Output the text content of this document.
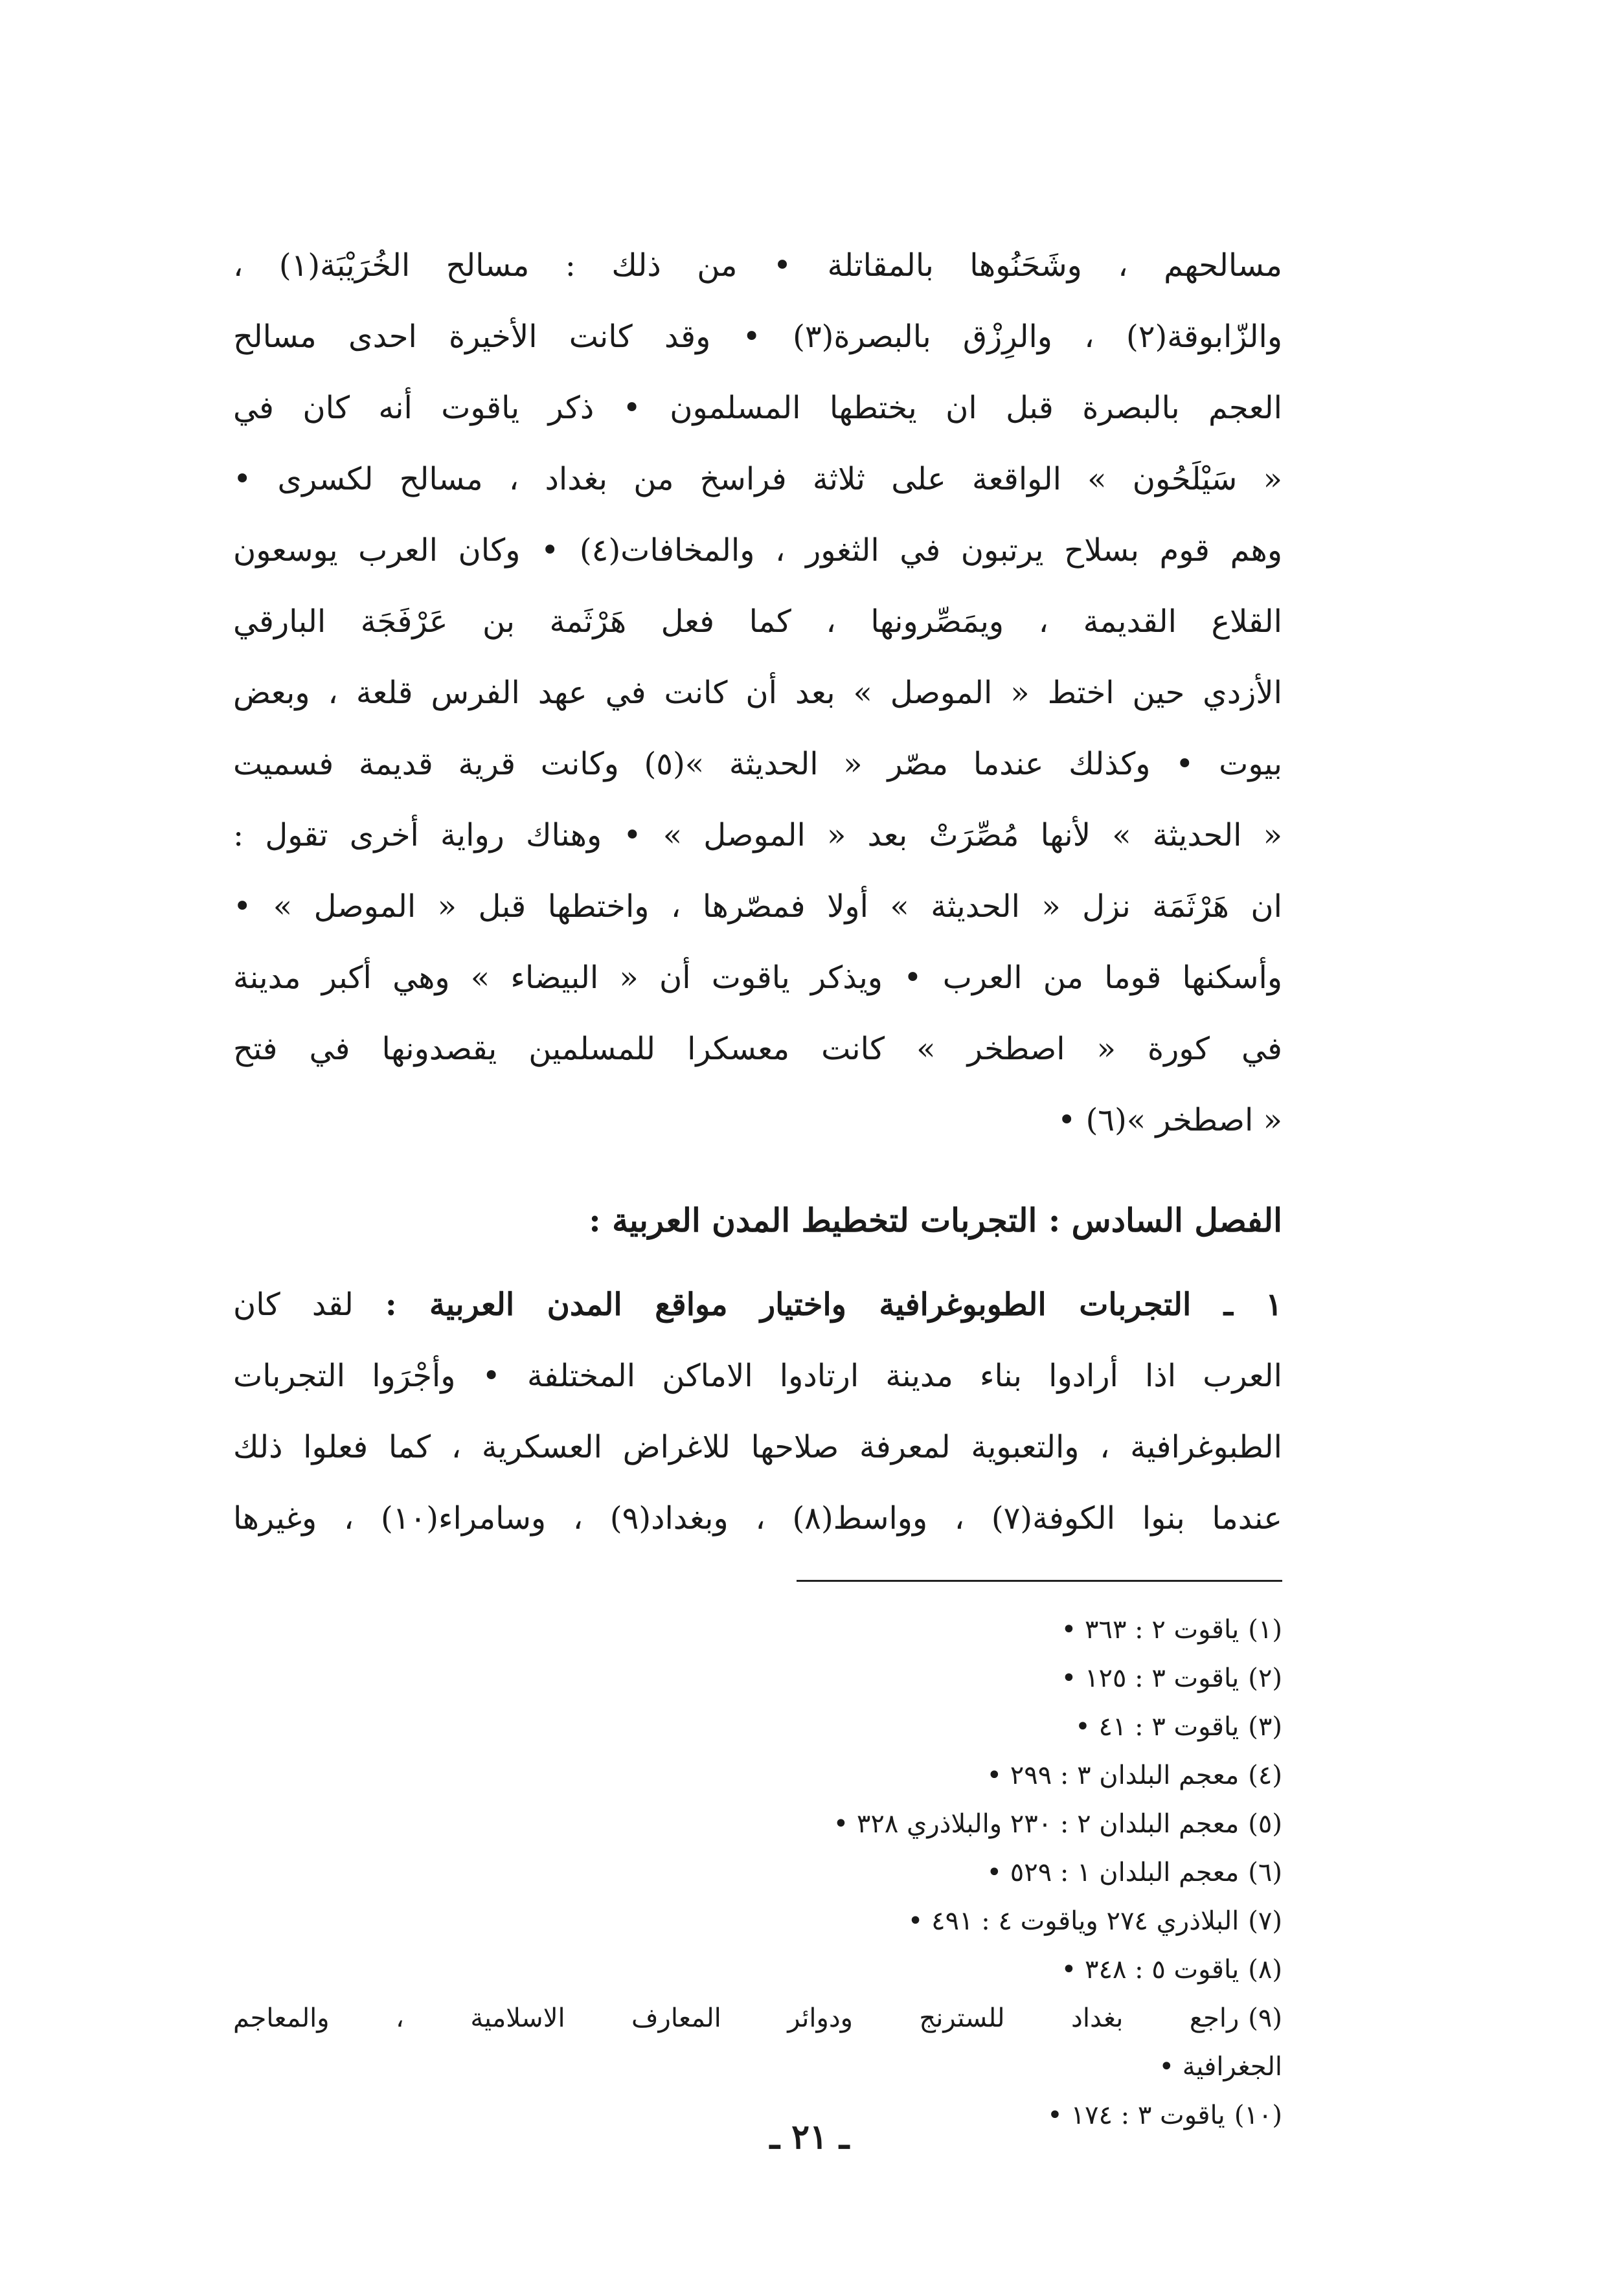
مسالحهم ، وشَحَنُوها بالمقاتلة • من ذلك : مسالح الخُرَيْبَة(١) ،
والزّابوقة(٢) ، والرِزْق بالبصرة(٣) • وقد كانت الأخيرة احدى مسالح
العجم بالبصرة قبل ان يختطها المسلمون • ذكر ياقوت أنه كان في
« سَيْلَحُون » الواقعة على ثلاثة فراسخ من بغداد ، مسالح لكسرى •
وهم قوم بسلاح يرتبون في الثغور ، والمخافات(٤) • وكان العرب يوسعون
القلاع القديمة ، ويمَصِّرونها ، كما فعل هَرْثَمة بن عَرْفَجَة البارقي
الأزدي حين اختط « الموصل » بعد أن كانت في عهد الفرس قلعة ، وبعض
بيوت • وكذلك عندما مصّر « الحديثة »(٥) وكانت قرية قديمة فسميت
« الحديثة » لأنها مُصِّرَتْ بعد « الموصل » • وهناك رواية أخرى تقول :
ان هَرْثَمَة نزل « الحديثة » أولا فمصّرها ، واختطها قبل « الموصل » •
وأسكنها قوما من العرب • ويذكر ياقوت أن « البيضاء » وهي أكبر مدينة
في كورة « اصطخر » كانت معسكرا للمسلمين يقصدونها في فتح
« اصطخر »(٦) •
الفصل السادس : التجربات لتخطيط المدن العربية :
١ ـ التجربات الطوبوغرافية واختيار مواقع المدن العربية : لقد كان
العرب اذا أرادوا بناء مدينة ارتادوا الاماكن المختلفة • وأجْرَوا التجربات
الطبوغرافية ، والتعبوية لمعرفة صلاحها للاغراض العسكرية ، كما فعلوا ذلك
عندما بنوا الكوفة(٧) ، وواسط(٨) ، وبغداد(٩) ، وسامراء(١٠) ، وغيرها
(١)ياقوت ٢ : ٣٦٣ •
(٢)ياقوت ٣ : ١٢٥ •
(٣)ياقوت ٣ : ٤١ •
(٤)معجم البلدان ٣ : ٢٩٩ •
(٥)معجم البلدان ٢ : ٢٣٠ والبلاذري ٣٢٨ •
(٦)معجم البلدان ١ : ٥٢٩ •
(٧)البلاذري ٢٧٤ وياقوت ٤ : ٤٩١ •
(٨)ياقوت ٥ : ٣٤٨ •
(٩)راجع بغداد للسترنج ودوائر المعارف الاسلامية ، والمعاجم
الجغرافية •
(١٠)ياقوت ٣ : ١٧٤ •
ـ ٢١ ـ
